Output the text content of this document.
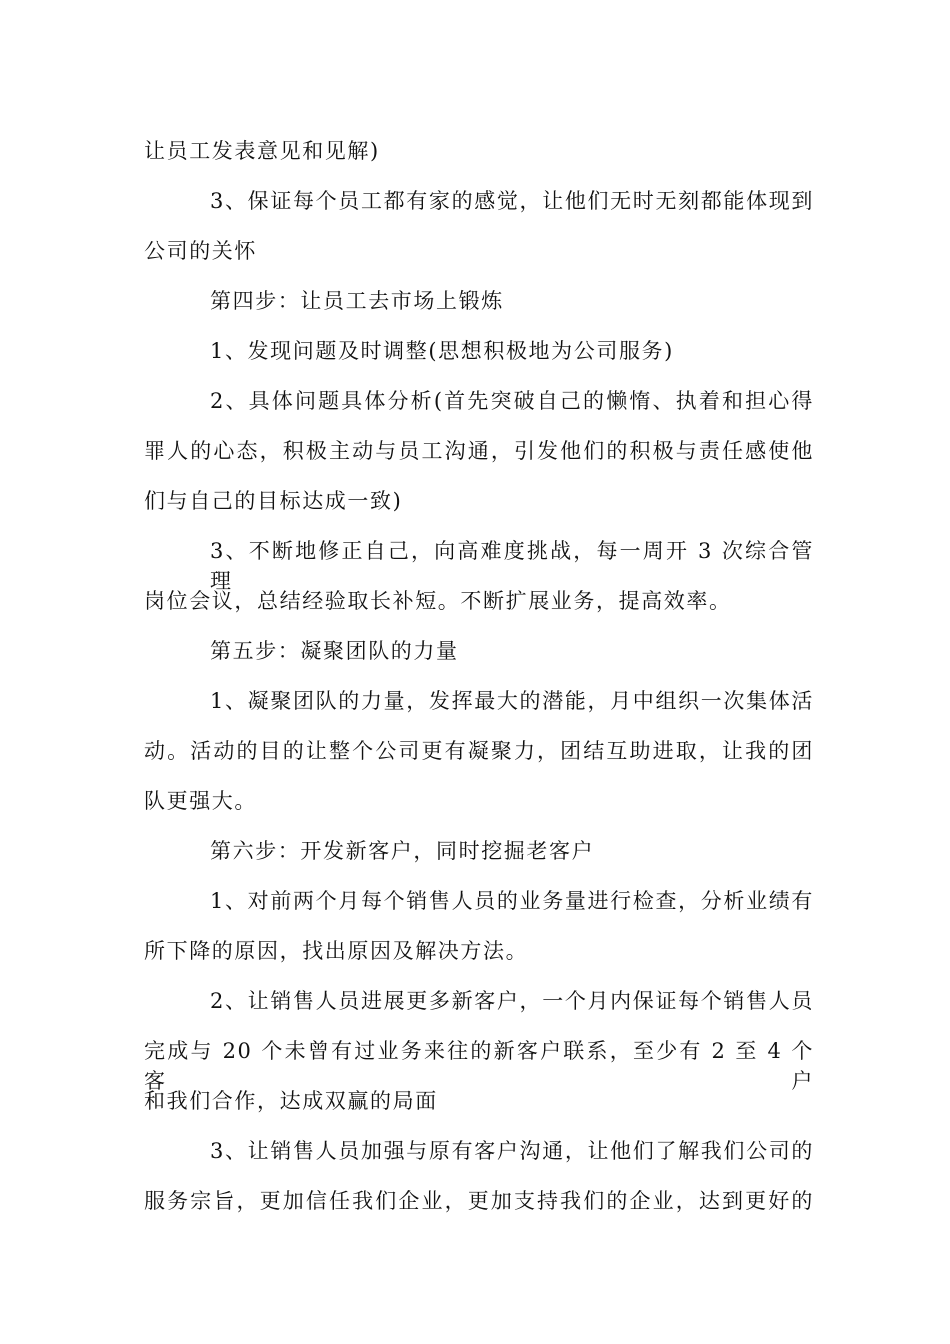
让员工发表意见和见解)
3、保证每个员工都有家的感觉，让他们无时无刻都能体现到
公司的关怀
第四步：让员工去市场上锻炼
1、发现问题及时调整(思想积极地为公司服务)
2、具体问题具体分析(首先突破自己的懒惰、执着和担心得
罪人的心态，积极主动与员工沟通，引发他们的积极与责任感使他
们与自己的目标达成一致)
3、不断地修正自己，向高难度挑战，每一周开 3 次综合管理
岗位会议，总结经验取长补短。不断扩展业务，提高效率。
第五步：凝聚团队的力量
1、凝聚团队的力量，发挥最大的潜能，月中组织一次集体活
动。活动的目的让整个公司更有凝聚力，团结互助进取，让我的团
队更强大。
第六步：开发新客户，同时挖掘老客户
1、对前两个月每个销售人员的业务量进行检查，分析业绩有
所下降的原因，找出原因及解决方法。
2、让销售人员进展更多新客户，一个月内保证每个销售人员
完成与 20 个未曾有过业务来往的新客户联系，至少有 2 至 4 个客户
和我们合作，达成双赢的局面
3、让销售人员加强与原有客户沟通，让他们了解我们公司的
服务宗旨，更加信任我们企业，更加支持我们的企业，达到更好的
